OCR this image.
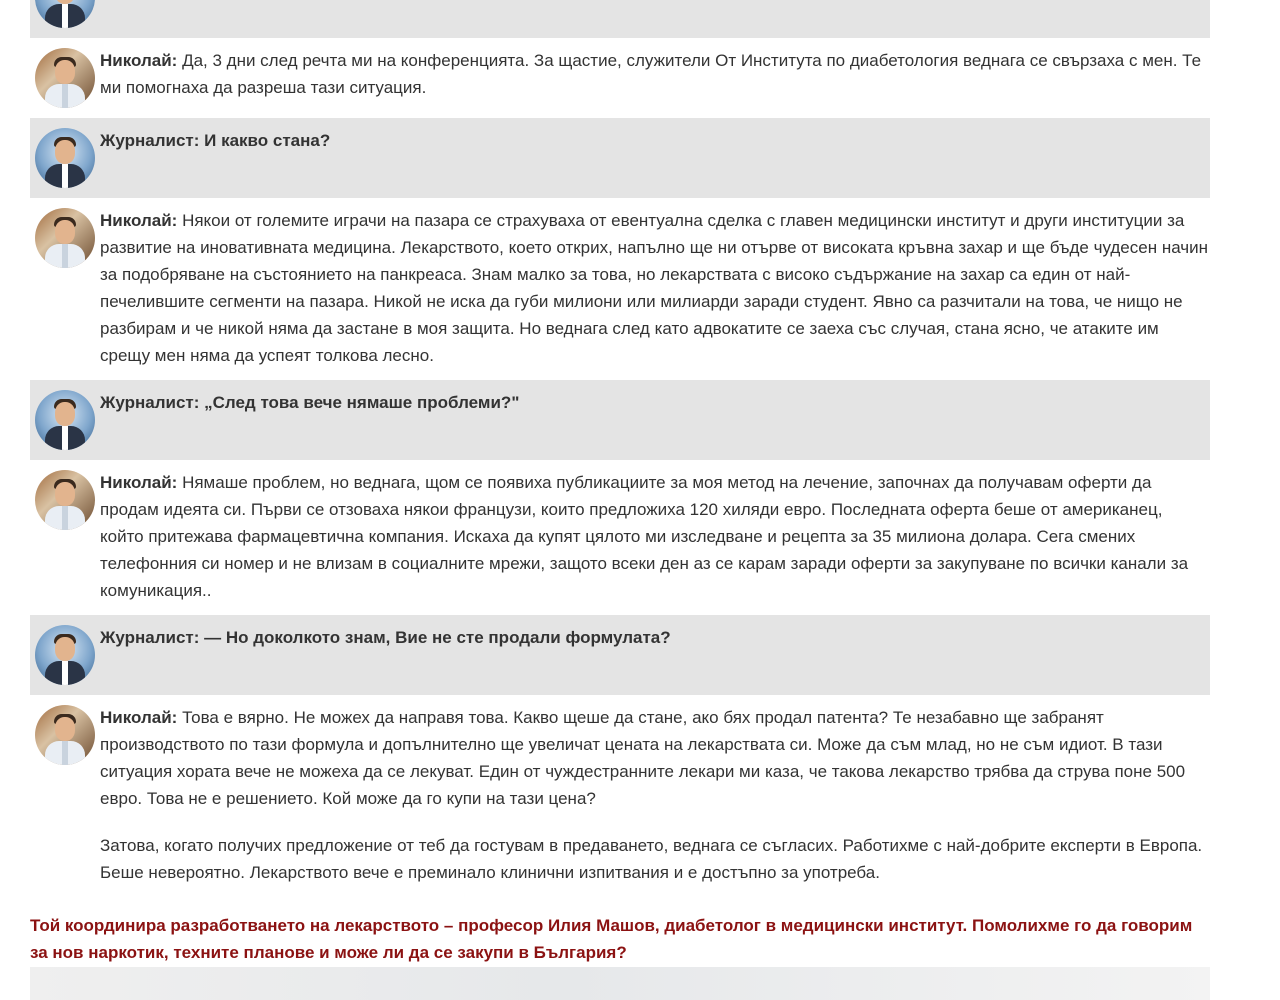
Николай: Да, 3 дни след речта ми на конференцията. За щастие, служители От Института по диабетология веднага се свързаха с мен. Те ми помогнаха да разреша тази ситуация.
Журналист: И какво стана?
Николай: Някои от големите играчи на пазара се страхуваха от евентуална сделка с главен медицински институт и други институции за развитие на иновативната медицина. Лекарството, което открих, напълно ще ни отърве от високата кръвна захар и ще бъде чудесен начин за подобряване на състоянието на панкреаса. Знам малко за това, но лекарствата с високо съдържание на захар са един от най-печелившите сегменти на пазара. Никой не иска да губи милиони или милиарди заради студент. Явно са разчитали на това, че нищо не разбирам и че никой няма да застане в моя защита. Но веднага след като адвокатите се заеха със случая, стана ясно, че атаките им срещу мен няма да успеят толкова лесно.
Журналист: „След това вече нямаше проблеми?"
Николай: Нямаше проблем, но веднага, щом се появиха публикациите за моя метод на лечение, започнах да получавам оферти да продам идеята си. Първи се отзоваха някои французи, които предложиха 120 хиляди евро. Последната оферта беше от американец, който притежава фармацевтична компания. Искаха да купят цялото ми изследване и рецепта за 35 милиона долара. Сега смених телефонния си номер и не влизам в социалните мрежи, защото всеки ден аз се карам заради оферти за закупуване по всички канали за комуникация..
Журналист: — Но доколкото знам, Вие не сте продали формулата?
Николай: Това е вярно. Не можех да направя това. Какво щеше да стане, ако бях продал патента? Те незабавно ще забранят производството по тази формула и допълнително ще увеличат цената на лекарствата си. Може да съм млад, но не съм идиот. В тази ситуация хората вече не можеха да се лекуват. Един от чуждестранните лекари ми каза, че такова лекарство трябва да струва поне 500 евро. Това не е решението. Кой може да го купи на тази цена?
Затова, когато получих предложение от теб да гостувам в предаването, веднага се съгласих. Работихме с най-добрите експерти в Европа. Беше невероятно. Лекарството вече е преминало клинични изпитвания и е достъпно за употреба.
Той координира разработването на лекарството – професор Илия Машов, диабетолог в медицински институт. Помолихме го да говорим за нов наркотик, техните планове и може ли да се закупи в България?
